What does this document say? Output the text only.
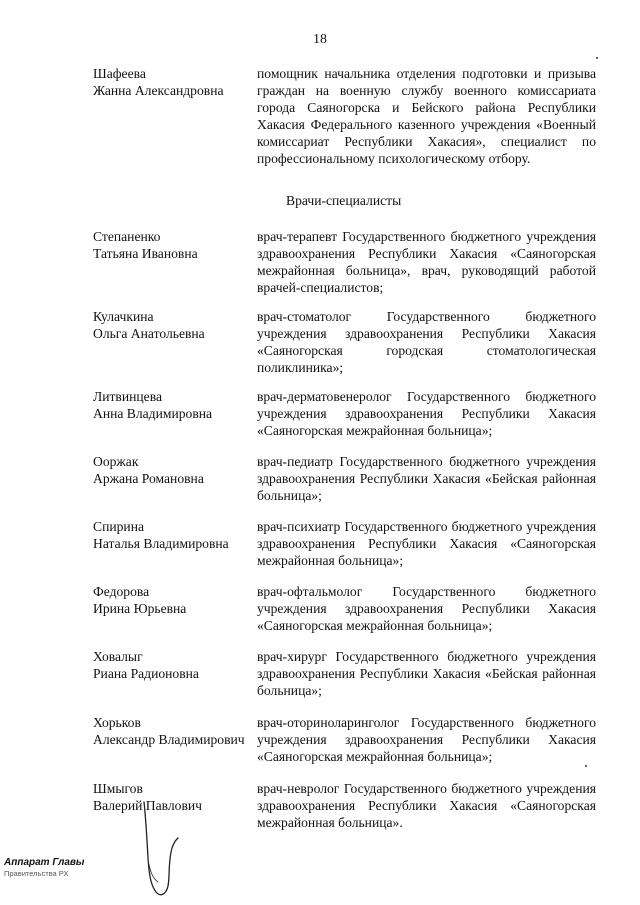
18
Шафеева
Жанна Александровна
помощник начальника отделения подготовки и призыва граждан на военную службу военного комиссариата города Саяногорска и Бейского района Республики Хакасия Федерального казенного учреждения «Военный комиссариат Республики Хакасия», специалист по профессиональному психологическому отбору.
Врачи-специалисты
Степаненко
Татьяна Ивановна
врач-терапевт Государственного бюджетного учреждения здравоохранения Республики Хакасия «Саяногорская межрайонная больница», врач, руководящий работой врачей-специалистов;
Кулачкина
Ольга Анатольевна
врач-стоматолог Государственного бюджетного учреждения здравоохранения Республики Хакасия «Саяногорская городская стоматологическая поликлиника»;
Литвинцева
Анна Владимировна
врач-дерматовенеролог Государственного бюджетного учреждения здравоохранения Республики Хакасия «Саяногорская межрайонная больница»;
Ооржак
Аржана Романовна
врач-педиатр Государственного бюджетного учреждения здравоохранения Республики Хакасия «Бейская районная больница»;
Спирина
Наталья Владимировна
врач-психиатр Государственного бюджетного учреждения здравоохранения Республики Хакасия «Саяногорская межрайонная больница»;
Федорова
Ирина Юрьевна
врач-офтальмолог Государственного бюджетного учреждения здравоохранения Республики Хакасия «Саяногорская межрайонная больница»;
Ховалыг
Риана Радионовна
врач-хирург Государственного бюджетного учреждения здравоохранения Республики Хакасия «Бейская районная больница»;
Хорьков
Александр Владимирович
врач-оториноларинголог Государственного бюджетного учреждения здравоохранения Республики Хакасия «Саяногорская межрайонная больница»;
Шмыгов
Валерий Павлович
врач-невролог Государственного бюджетного учреждения здравоохранения Республики Хакасия «Саяногорская межрайонная больница».
Аппарат Главы
Правительства РХ
